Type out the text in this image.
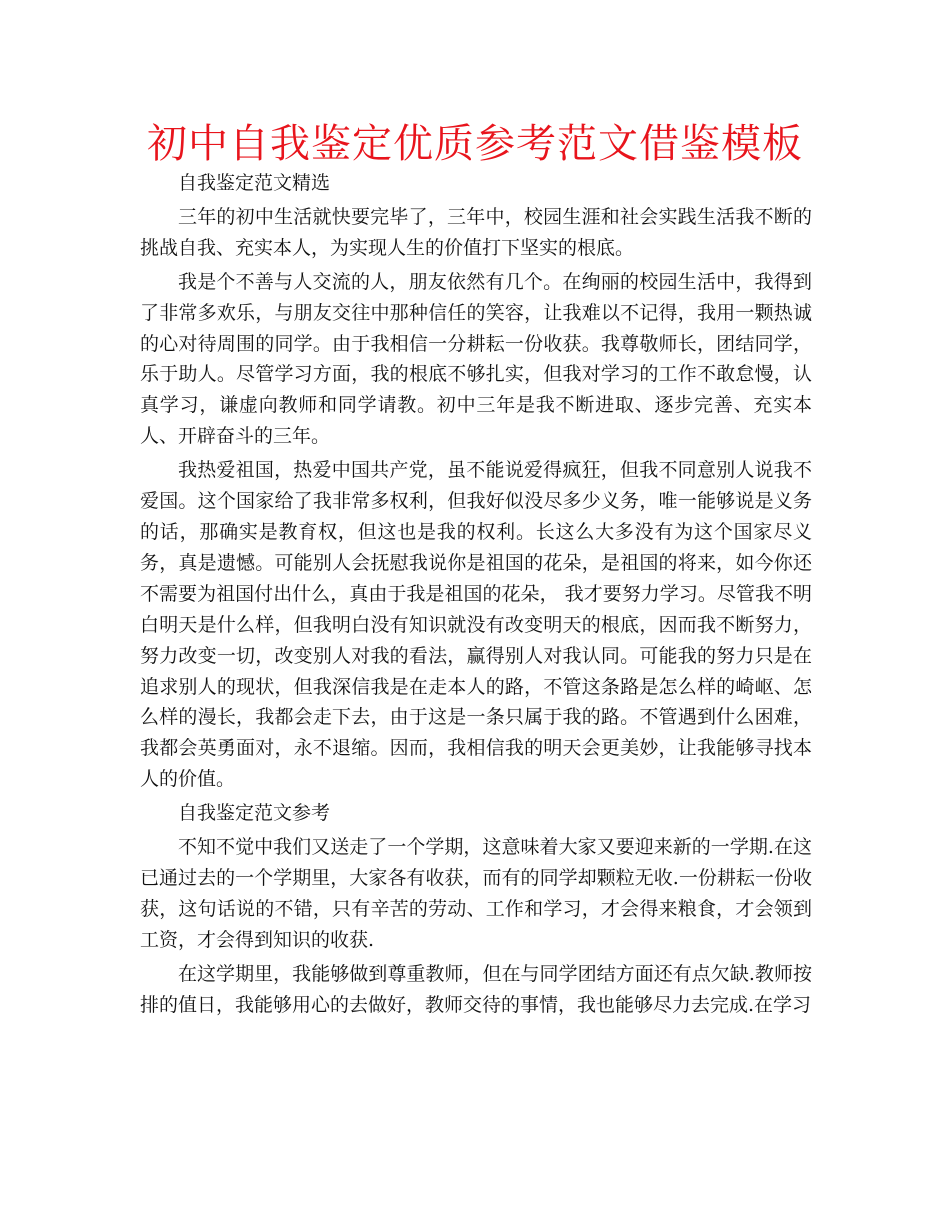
初中自我鉴定优质参考范文借鉴模板

自我鉴定范文精选

三年的初中生活就快要完毕了，三年中，校园生涯和社会实践生活我不断的挑战自我、充实本人，为实现人生的价值打下坚实的根底。

我是个不善与人交流的人，朋友依然有几个。在绚丽的校园生活中，我得到了非常多欢乐，与朋友交往中那种信任的笑容，让我难以不记得，我用一颗热诚的心对待周围的同学。由于我相信一分耕耘一份收获。我尊敬师长，团结同学，乐于助人。尽管学习方面，我的根底不够扎实，但我对学习的工作不敢怠慢，认真学习，谦虚向教师和同学请教。初中三年是我不断进取、逐步完善、充实本人、开辟奋斗的三年。

我热爱祖国，热爱中国共产党，虽不能说爱得疯狂，但我不同意别人说我不爱国。这个国家给了我非常多权利，但我好似没尽多少义务，唯一能够说是义务的话，那确实是教育权，但这也是我的权利。长这么大多没有为这个国家尽义务，真是遗憾。可能别人会抚慰我说你是祖国的花朵，是祖国的将来，如今你还不需要为祖国付出什么，真由于我是祖国的花朵， 我才要努力学习。尽管我不明白明天是什么样，但我明白没有知识就没有改变明天的根底，因而我不断努力，努力改变一切，改变别人对我的看法，赢得别人对我认同。可能我的努力只是在追求别人的现状，但我深信我是在走本人的路，不管这条路是怎么样的崎岖、怎么样的漫长，我都会走下去，由于这是一条只属于我的路。不管遇到什么困难，我都会英勇面对，永不退缩。因而，我相信我的明天会更美妙，让我能够寻找本人的价值。

自我鉴定范文参考

不知不觉中我们又送走了一个学期，这意味着大家又要迎来新的一学期.在这已通过去的一个学期里，大家各有收获，而有的同学却颗粒无收.一份耕耘一份收获，这句话说的不错，只有辛苦的劳动、工作和学习，才会得来粮食，才会领到工资，才会得到知识的收获.

在这学期里，我能够做到尊重教师，但在与同学团结方面还有点欠缺.教师按排的值日，我能够用心的去做好，教师交待的事情，我也能够尽力去完成.在学习
